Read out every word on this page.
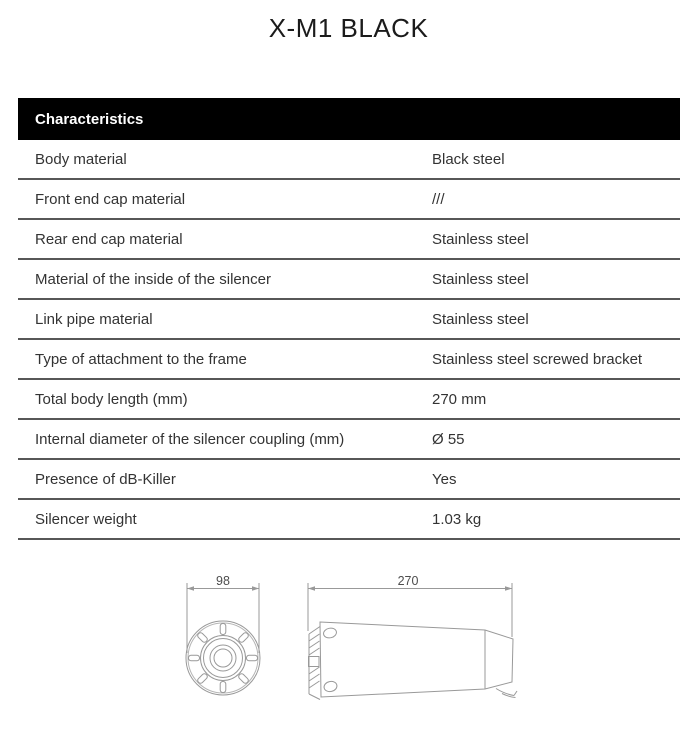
X-M1 BLACK
Characteristics
Body material	Black steel
Front end cap material	///
Rear end cap material	Stainless steel
Material of the inside of the silencer	Stainless steel
Link pipe material	Stainless steel
Type of attachment to the frame	Stainless steel screwed bracket
Total body length (mm)	270 mm
Internal diameter of the silencer coupling (mm)	Ø 55
Presence of dB-Killer	Yes
Silencer weight	1.03 kg
98	270
